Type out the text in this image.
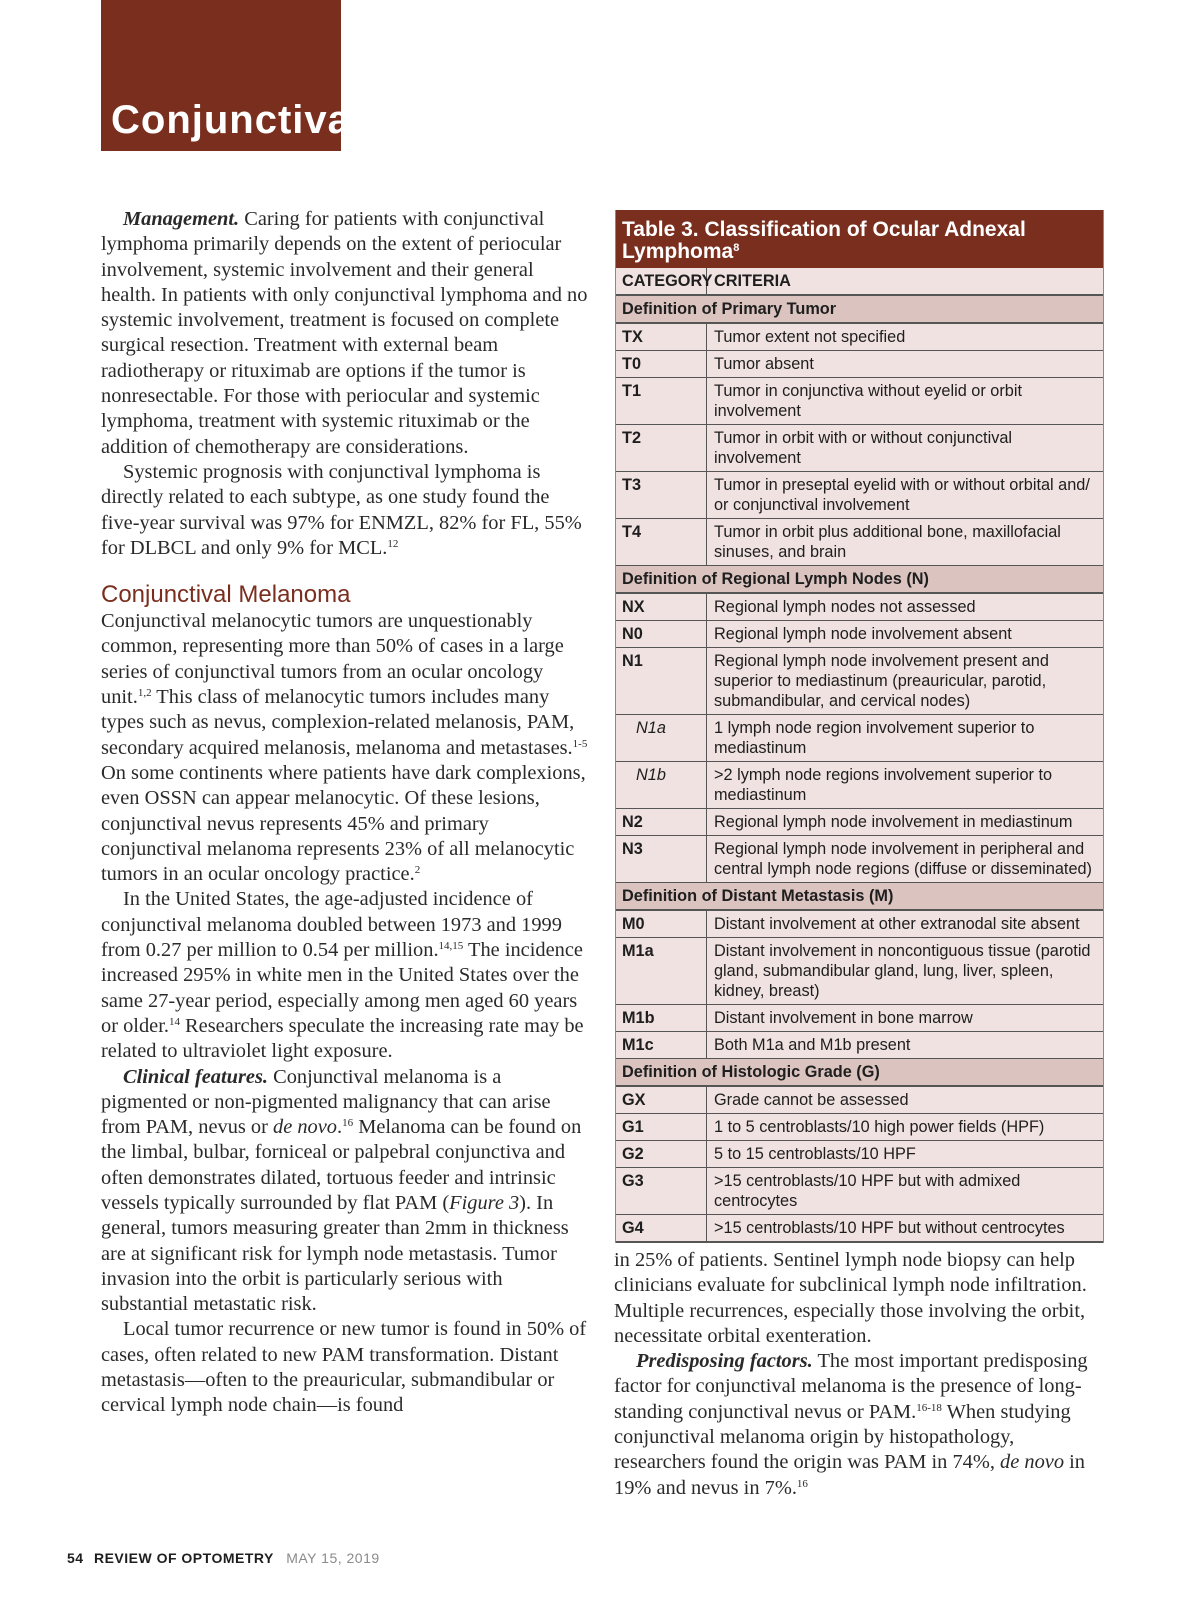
Conjunctiva

Management. Caring for patients with conjunctival lymphoma primarily depends on the extent of periocular involvement, systemic involvement and their general health. In patients with only conjunctival lymphoma and no systemic involvement, treatment is focused on complete surgical resection. Treatment with external beam radiotherapy or rituximab are options if the tumor is nonresectable. For those with periocular and systemic lymphoma, treatment with systemic rituximab or the addition of chemotherapy are considerations.

Systemic prognosis with conjunctival lymphoma is directly related to each subtype, as one study found the five-year survival was 97% for ENMZL, 82% for FL, 55% for DLBCL and only 9% for MCL.$^{12}$

Conjunctival Melanoma

Conjunctival melanocytic tumors are unquestionably common, representing more than 50% of cases in a large series of conjunctival tumors from an ocular oncology unit.$^{1,2}$ This class of melanocytic tumors includes many types such as nevus, complexion-related melanosis, PAM, secondary acquired melanosis, melanoma and metastases.$^{1-5}$ On some continents where patients have dark complexions, even OSSN can appear melanocytic. Of these lesions, conjunctival nevus represents 45% and primary conjunctival melanoma represents 23% of all melanocytic tumors in an ocular oncology practice.$^2$

In the United States, the age-adjusted incidence of conjunctival melanoma doubled between 1973 and 1999 from 0.27 per million to 0.54 per million.$^{14,15}$ The incidence increased 295% in white men in the United States over the same 27-year period, especially among men aged 60 years or older.$^{14}$ Researchers speculate the increasing rate may be related to ultraviolet light exposure.

Clinical features. Conjunctival melanoma is a pigmented or non-pigmented malignancy that can arise from PAM, nevus or de novo.$^{16}$ Melanoma can be found on the limbal, bulbar, forniceal or palpebral conjunctiva and often demonstrates dilated, tortuous feeder and intrinsic vessels typically surrounded by flat PAM (Figure 3). In general, tumors measuring greater than 2mm in thickness are at significant risk for lymph node metastasis. Tumor invasion into the orbit is particularly serious with substantial metastatic risk.

Local tumor recurrence or new tumor is found in 50% of cases, often related to new PAM transformation. Distant metastasis—often to the preauricular, submandibular or cervical lymph node chain—is found

Table 3. Classification of Ocular Adnexal Lymphoma$^8$
CATEGORY CRITERIA
Definition of Primary Tumor
TX	Tumor extent not specified
T0	Tumor absent
T1	Tumor in conjunctiva without eyelid or orbit involvement
T2	Tumor in orbit with or without conjunctival involvement
T3	Tumor in preseptal eyelid with or without orbital and/ or conjunctival involvement
T4	Tumor in orbit plus additional bone, maxillofacial sinuses, and brain
Definition of Regional Lymph Nodes (N)
NX	Regional lymph nodes not assessed
N0	Regional lymph node involvement absent
N1	Regional lymph node involvement present and superior to mediastinum (preauricular, parotid, submandibular, and cervical nodes)
N1a	1 lymph node region involvement superior to mediastinum
N1b	>2 lymph node regions involvement superior to mediastinum
N2	Regional lymph node involvement in mediastinum
N3	Regional lymph node involvement in peripheral and central lymph node regions (diffuse or disseminated)
Definition of Distant Metastasis (M)
M0	Distant involvement at other extranodal site absent
M1a	Distant involvement in noncontiguous tissue (parotid gland, submandibular gland, lung, liver, spleen, kidney, breast)
M1b	Distant involvement in bone marrow
M1c	Both M1a and M1b present
Definition of Histologic Grade (G)
GX	Grade cannot be assessed
G1	1 to 5 centroblasts/10 high power fields (HPF)
G2	5 to 15 centroblasts/10 HPF
G3	>15 centroblasts/10 HPF but with admixed centrocytes
G4	>15 centroblasts/10 HPF but without centrocytes

in 25% of patients. Sentinel lymph node biopsy can help clinicians evaluate for subclinical lymph node infiltration. Multiple recurrences, especially those involving the orbit, necessitate orbital exenteration.

Predisposing factors. The most important predisposing factor for conjunctival melanoma is the presence of long-standing conjunctival nevus or PAM.$^{16-18}$ When studying conjunctival melanoma origin by histopathology, researchers found the origin was PAM in 74%, de novo in 19% and nevus in 7%.$^{16}$

54 REVIEW OF OPTOMETRY MAY 15, 2019
